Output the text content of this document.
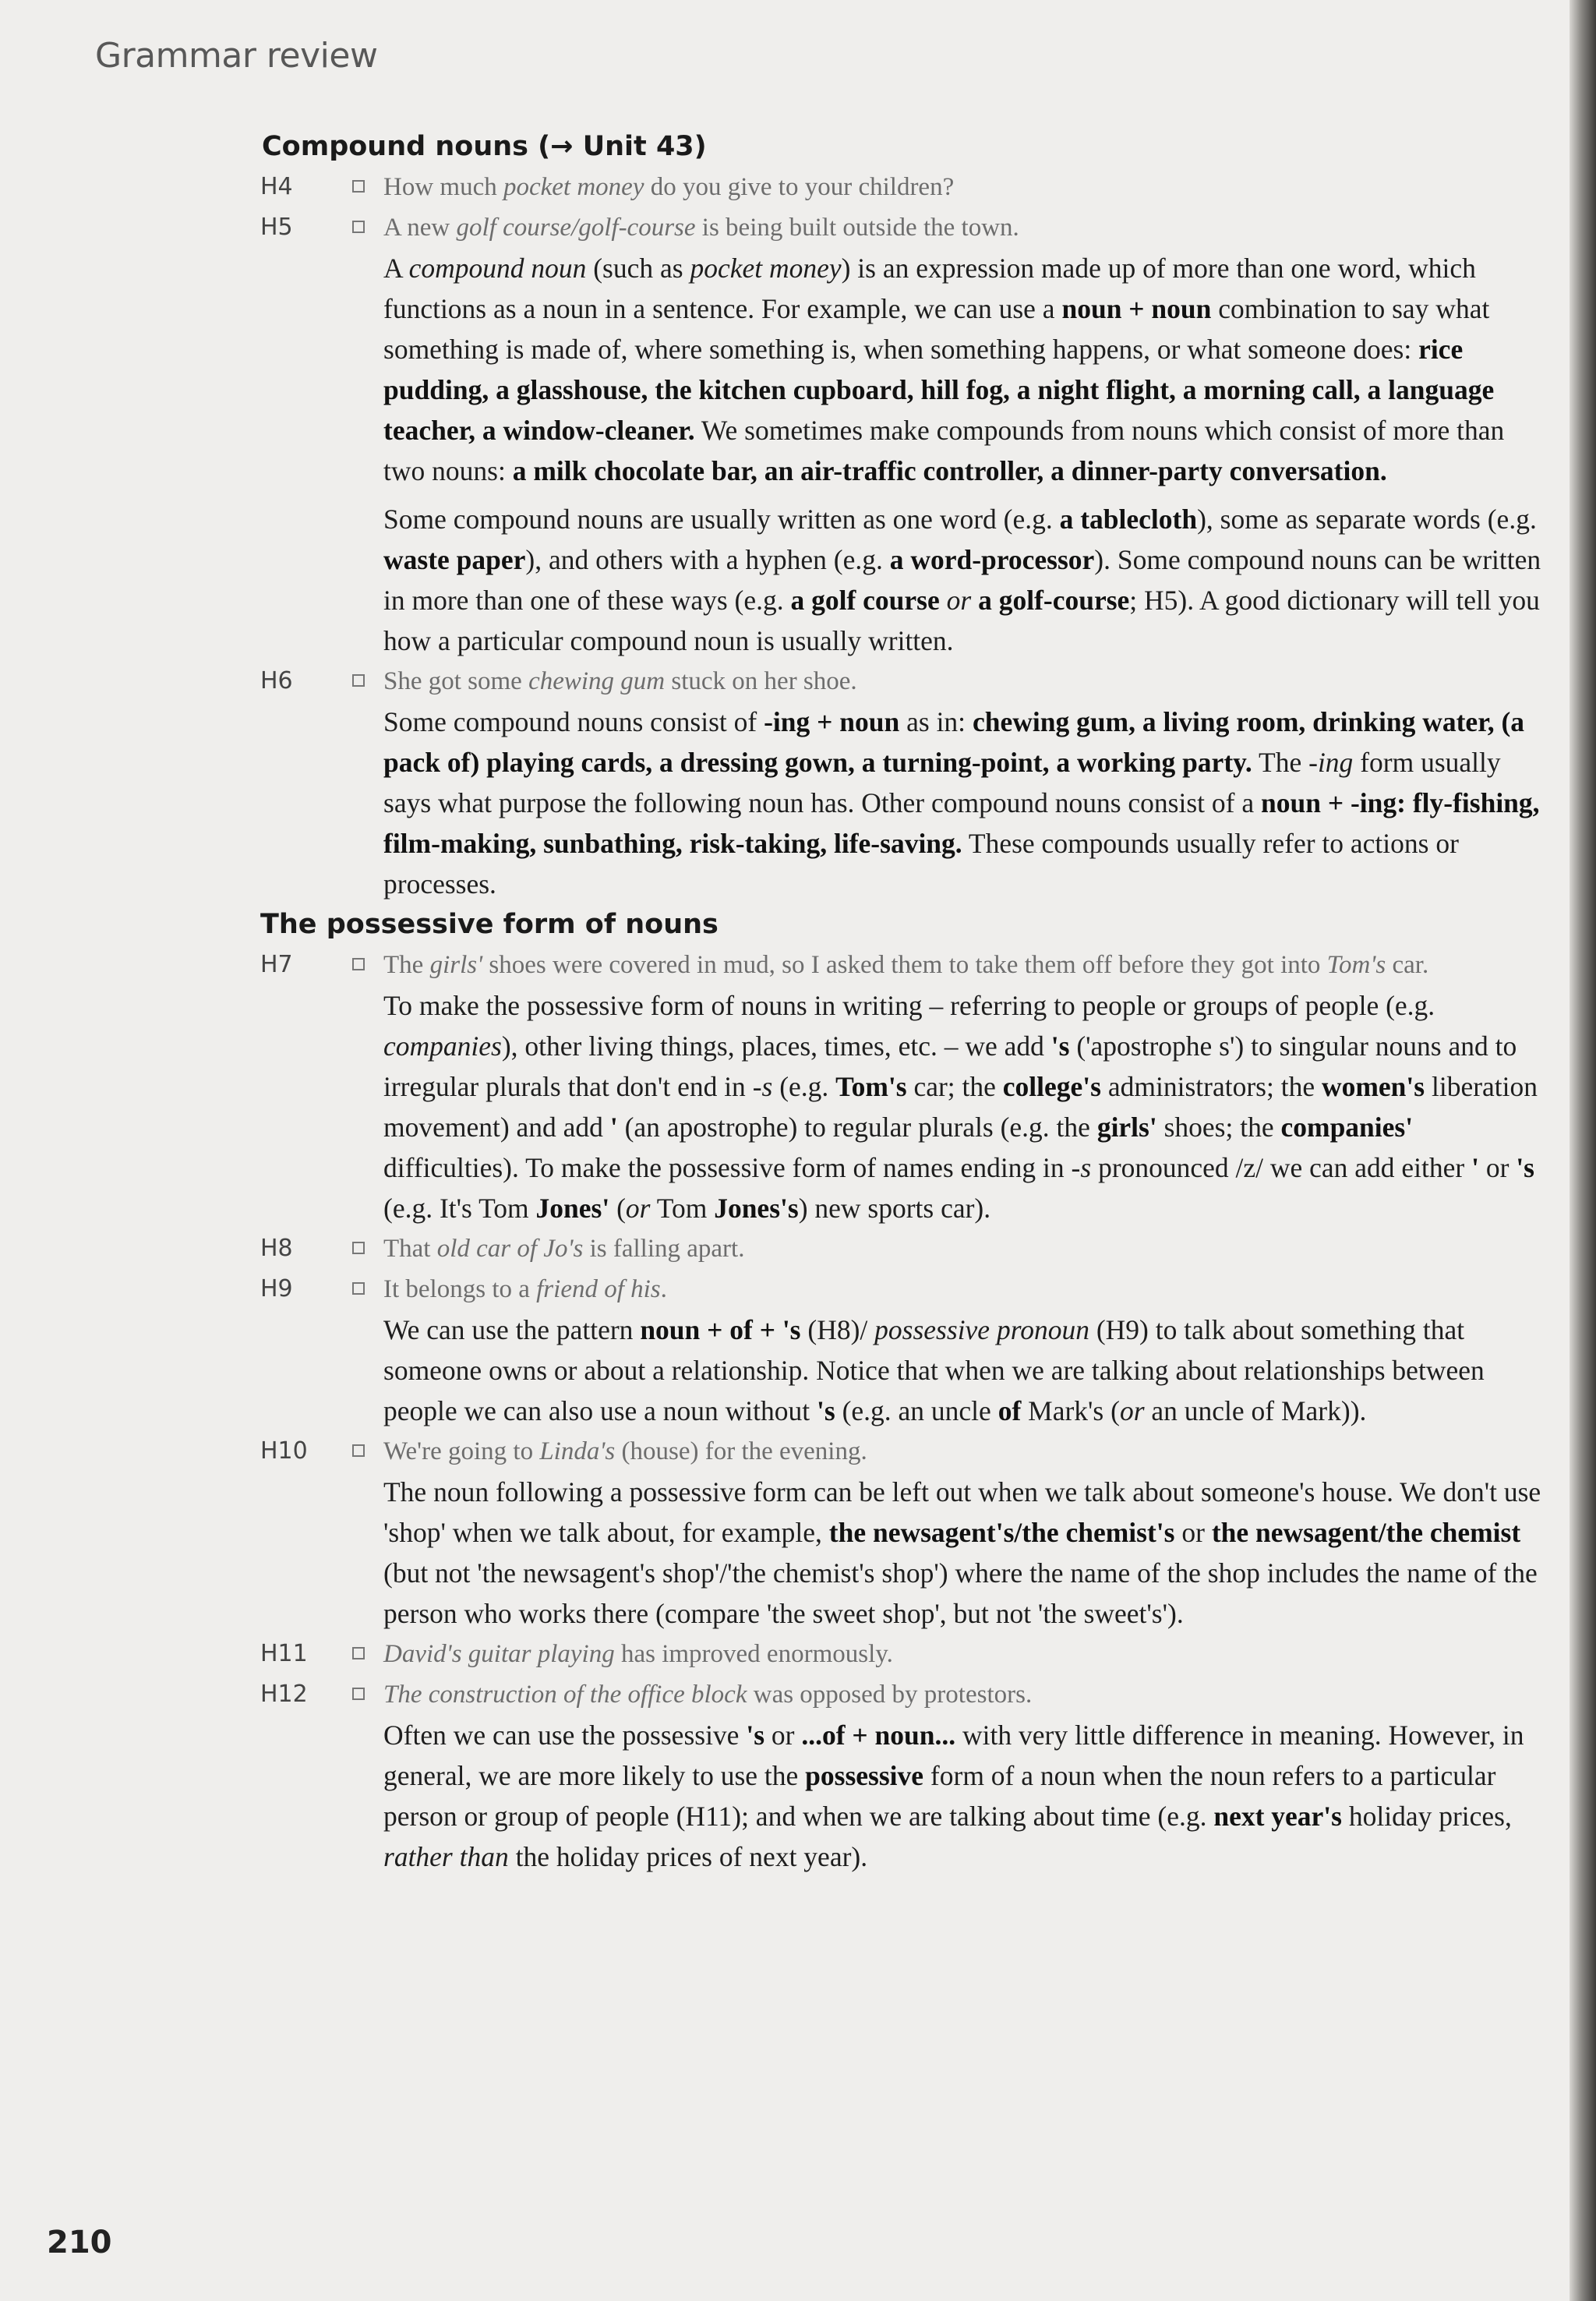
Grammar review
Compound nouns (→ Unit 43)
H4	How much pocket money do you give to your children?
H5	A new golf course/golf-course is being built outside the town.

A compound noun (such as pocket money) is an expression made up of more than one word, which functions as a noun in a sentence. For example, we can use a noun + noun combination to say what something is made of, where something is, when something happens, or what someone does: rice pudding, a glasshouse, the kitchen cupboard, hill fog, a night flight, a morning call, a language teacher, a window-cleaner. We sometimes make compounds from nouns which consist of more than two nouns: a milk chocolate bar, an air-traffic controller, a dinner-party conversation.

Some compound nouns are usually written as one word (e.g. a tablecloth), some as separate words (e.g. waste paper), and others with a hyphen (e.g. a word-processor). Some compound nouns can be written in more than one of these ways (e.g. a golf course or a golf-course; H5). A good dictionary will tell you how a particular compound noun is usually written.

H6	She got some chewing gum stuck on her shoe.

Some compound nouns consist of -ing + noun as in: chewing gum, a living room, drinking water, (a pack of) playing cards, a dressing gown, a turning-point, a working party. The -ing form usually says what purpose the following noun has. Other compound nouns consist of a noun + -ing: fly-fishing, film-making, sunbathing, risk-taking, life-saving. These compounds usually refer to actions or processes.

The possessive form of nouns
H7	The girls' shoes were covered in mud, so I asked them to take them off before they got into Tom's car.

To make the possessive form of nouns in writing – referring to people or groups of people (e.g. companies), other living things, places, times, etc. – we add 's ('apostrophe s') to singular nouns and to irregular plurals that don't end in -s (e.g. Tom's car; the college's administrators; the women's liberation movement) and add ' (an apostrophe) to regular plurals (e.g. the girls' shoes; the companies' difficulties). To make the possessive form of names ending in -s pronounced /z/ we can add either ' or 's (e.g. It's Tom Jones' (or Tom Jones's) new sports car).

H8	That old car of Jo's is falling apart.
H9	It belongs to a friend of his.

We can use the pattern noun + of + 's (H8)/ possessive pronoun (H9) to talk about something that someone owns or about a relationship. Notice that when we are talking about relationships between people we can also use a noun without 's (e.g. an uncle of Mark's (or an uncle of Mark)).

H10	We're going to Linda's (house) for the evening.

The noun following a possessive form can be left out when we talk about someone's house. We don't use 'shop' when we talk about, for example, the newsagent's/the chemist's or the newsagent/the chemist (but not 'the newsagent's shop'/'the chemist's shop') where the name of the shop includes the name of the person who works there (compare 'the sweet shop', but not 'the sweet's').

H11	David's guitar playing has improved enormously.
H12	The construction of the office block was opposed by protestors.

Often we can use the possessive 's or ...of + noun... with very little difference in meaning. However, in general, we are more likely to use the possessive form of a noun when the noun refers to a particular person or group of people (H11); and when we are talking about time (e.g. next year's holiday prices, rather than the holiday prices of next year).

210
